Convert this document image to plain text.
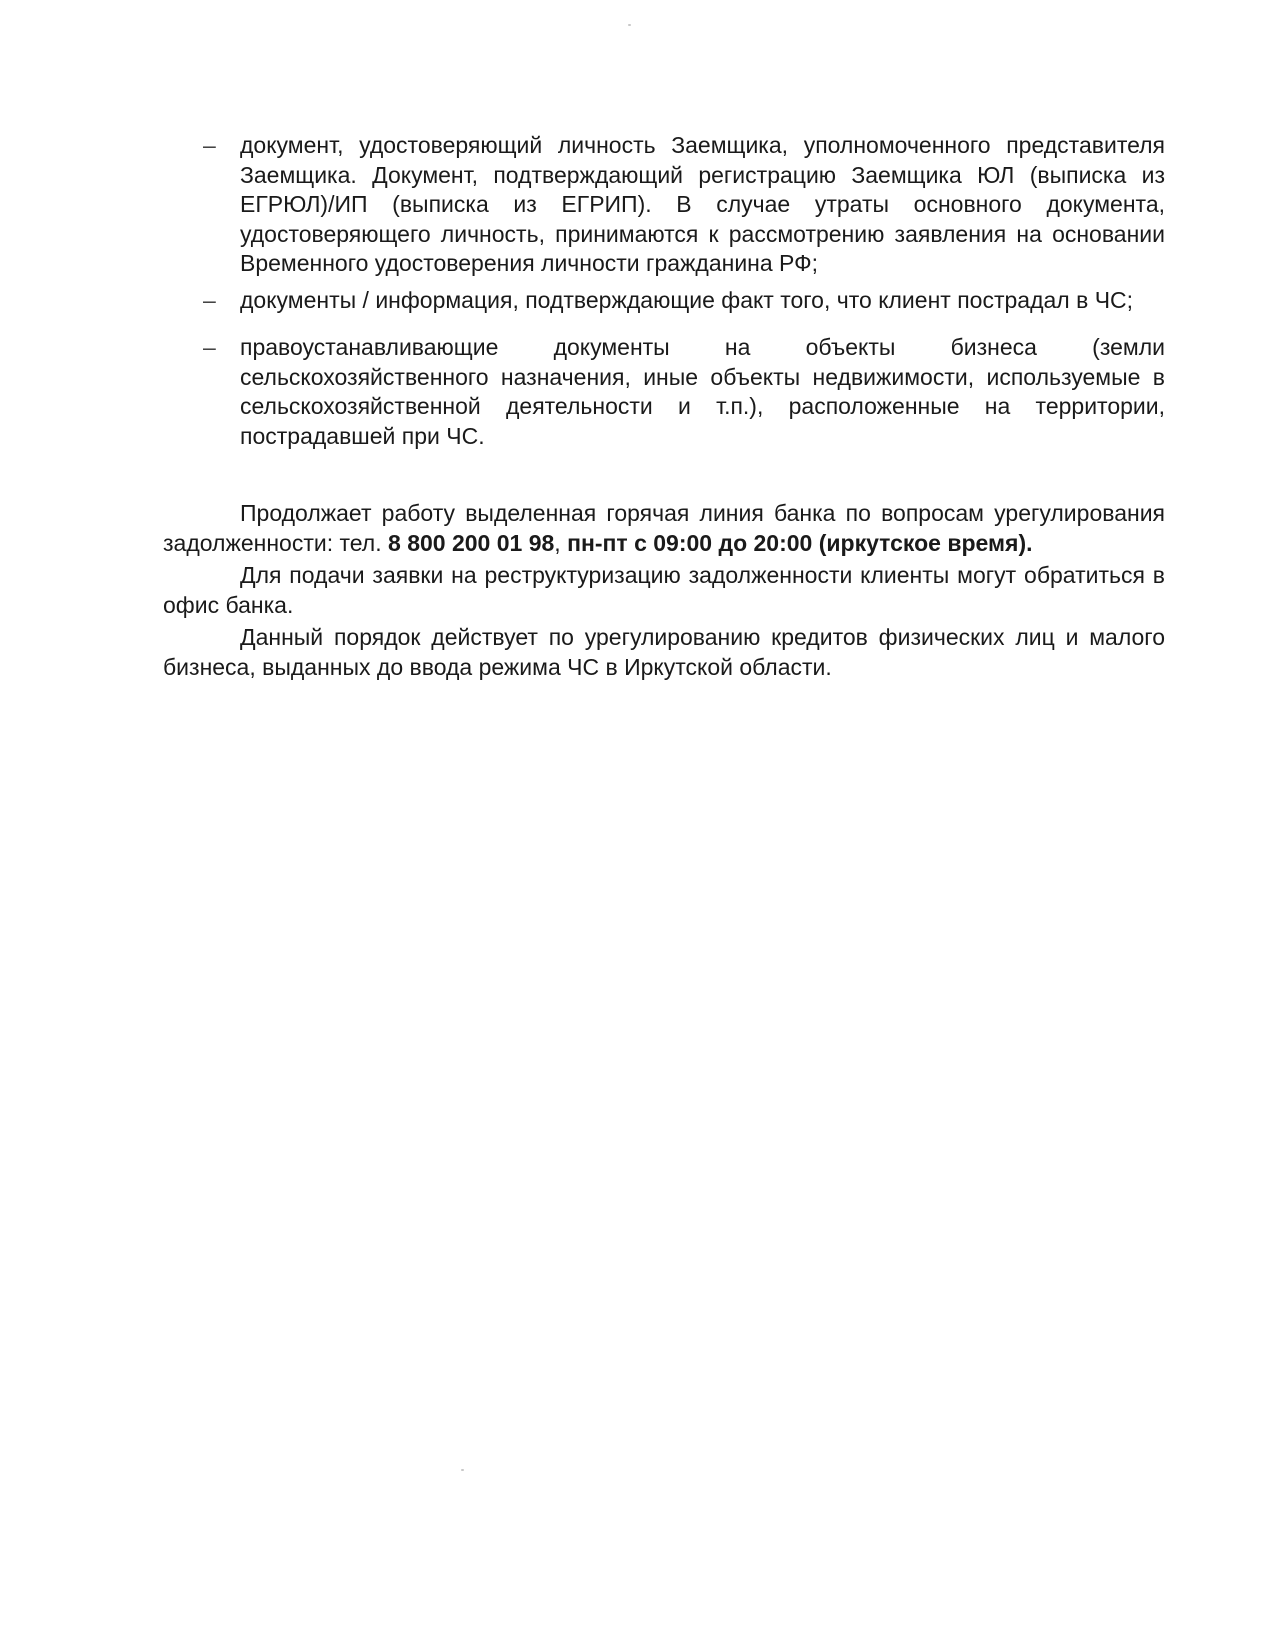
– документ, удостоверяющий личность Заемщика, уполномоченного представителя Заемщика. Документ, подтверждающий регистрацию Заемщика ЮЛ (выписка из ЕГРЮЛ)/ИП (выписка из ЕГРИП). В случае утраты основного документа, удостоверяющего личность, принимаются к рассмотрению заявления на основании Временного удостоверения личности гражданина РФ;
– документы / информация, подтверждающие факт того, что клиент пострадал в ЧС;
– правоустанавливающие документы на объекты бизнеса (земли сельскохозяйственного назначения, иные объекты недвижимости, используемые в сельскохозяйственной деятельности и т.п.), расположенные на территории, пострадавшей при ЧС.

Продолжает работу выделенная горячая линия банка по вопросам урегулирования задолженности: тел. 8 800 200 01 98, пн-пт с 09:00 до 20:00 (иркутское время).

Для подачи заявки на реструктуризацию задолженности клиенты могут обратиться в офис банка.

Данный порядок действует по урегулированию кредитов физических лиц и малого бизнеса, выданных до ввода режима ЧС в Иркутской области.
